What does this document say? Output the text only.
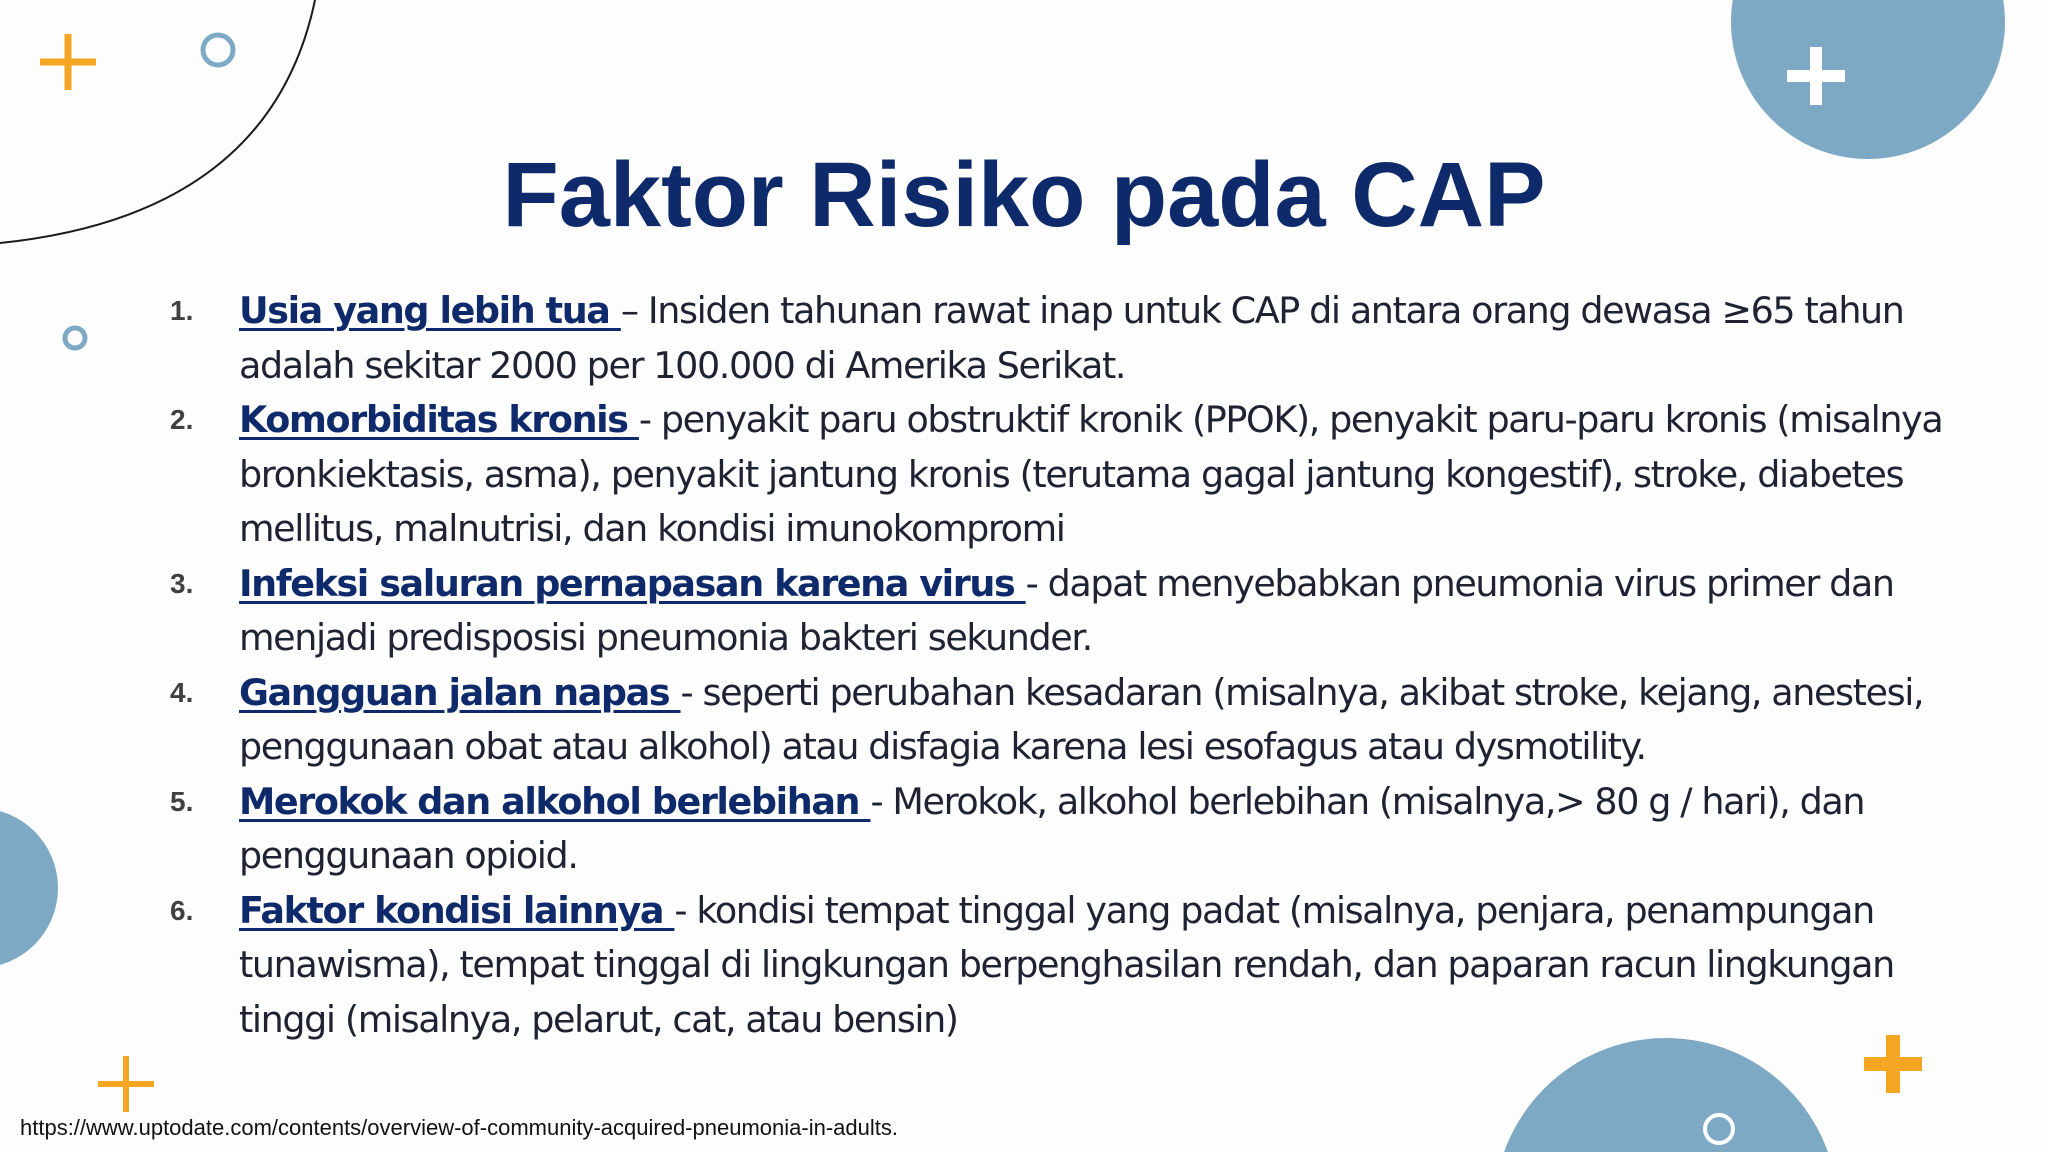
Faktor Risiko pada CAP
1. Usia yang lebih tua – Insiden tahunan rawat inap untuk CAP di antara orang dewasa ≥65 tahun adalah sekitar 2000 per 100.000 di Amerika Serikat.
2. Komorbiditas kronis - penyakit paru obstruktif kronik (PPOK), penyakit paru-paru kronis (misalnya bronkiektasis, asma), penyakit jantung kronis (terutama gagal jantung kongestif), stroke, diabetes mellitus, malnutrisi, dan kondisi imunokompromi
3. Infeksi saluran pernapasan karena virus - dapat menyebabkan pneumonia virus primer dan menjadi predisposisi pneumonia bakteri sekunder.
4. Gangguan jalan napas - seperti perubahan kesadaran (misalnya, akibat stroke, kejang, anestesi, penggunaan obat atau alkohol) atau disfagia karena lesi esofagus atau dysmotility.
5. Merokok dan alkohol berlebihan - Merokok, alkohol berlebihan (misalnya,> 80 g / hari), dan penggunaan opioid.
6. Faktor kondisi lainnya - kondisi tempat tinggal yang padat (misalnya, penjara, penampungan tunawisma), tempat tinggal di lingkungan berpenghasilan rendah, dan paparan racun lingkungan tinggi (misalnya, pelarut, cat, atau bensin)

https://www.uptodate.com/contents/overview-of-community-acquired-pneumonia-in-adults.
